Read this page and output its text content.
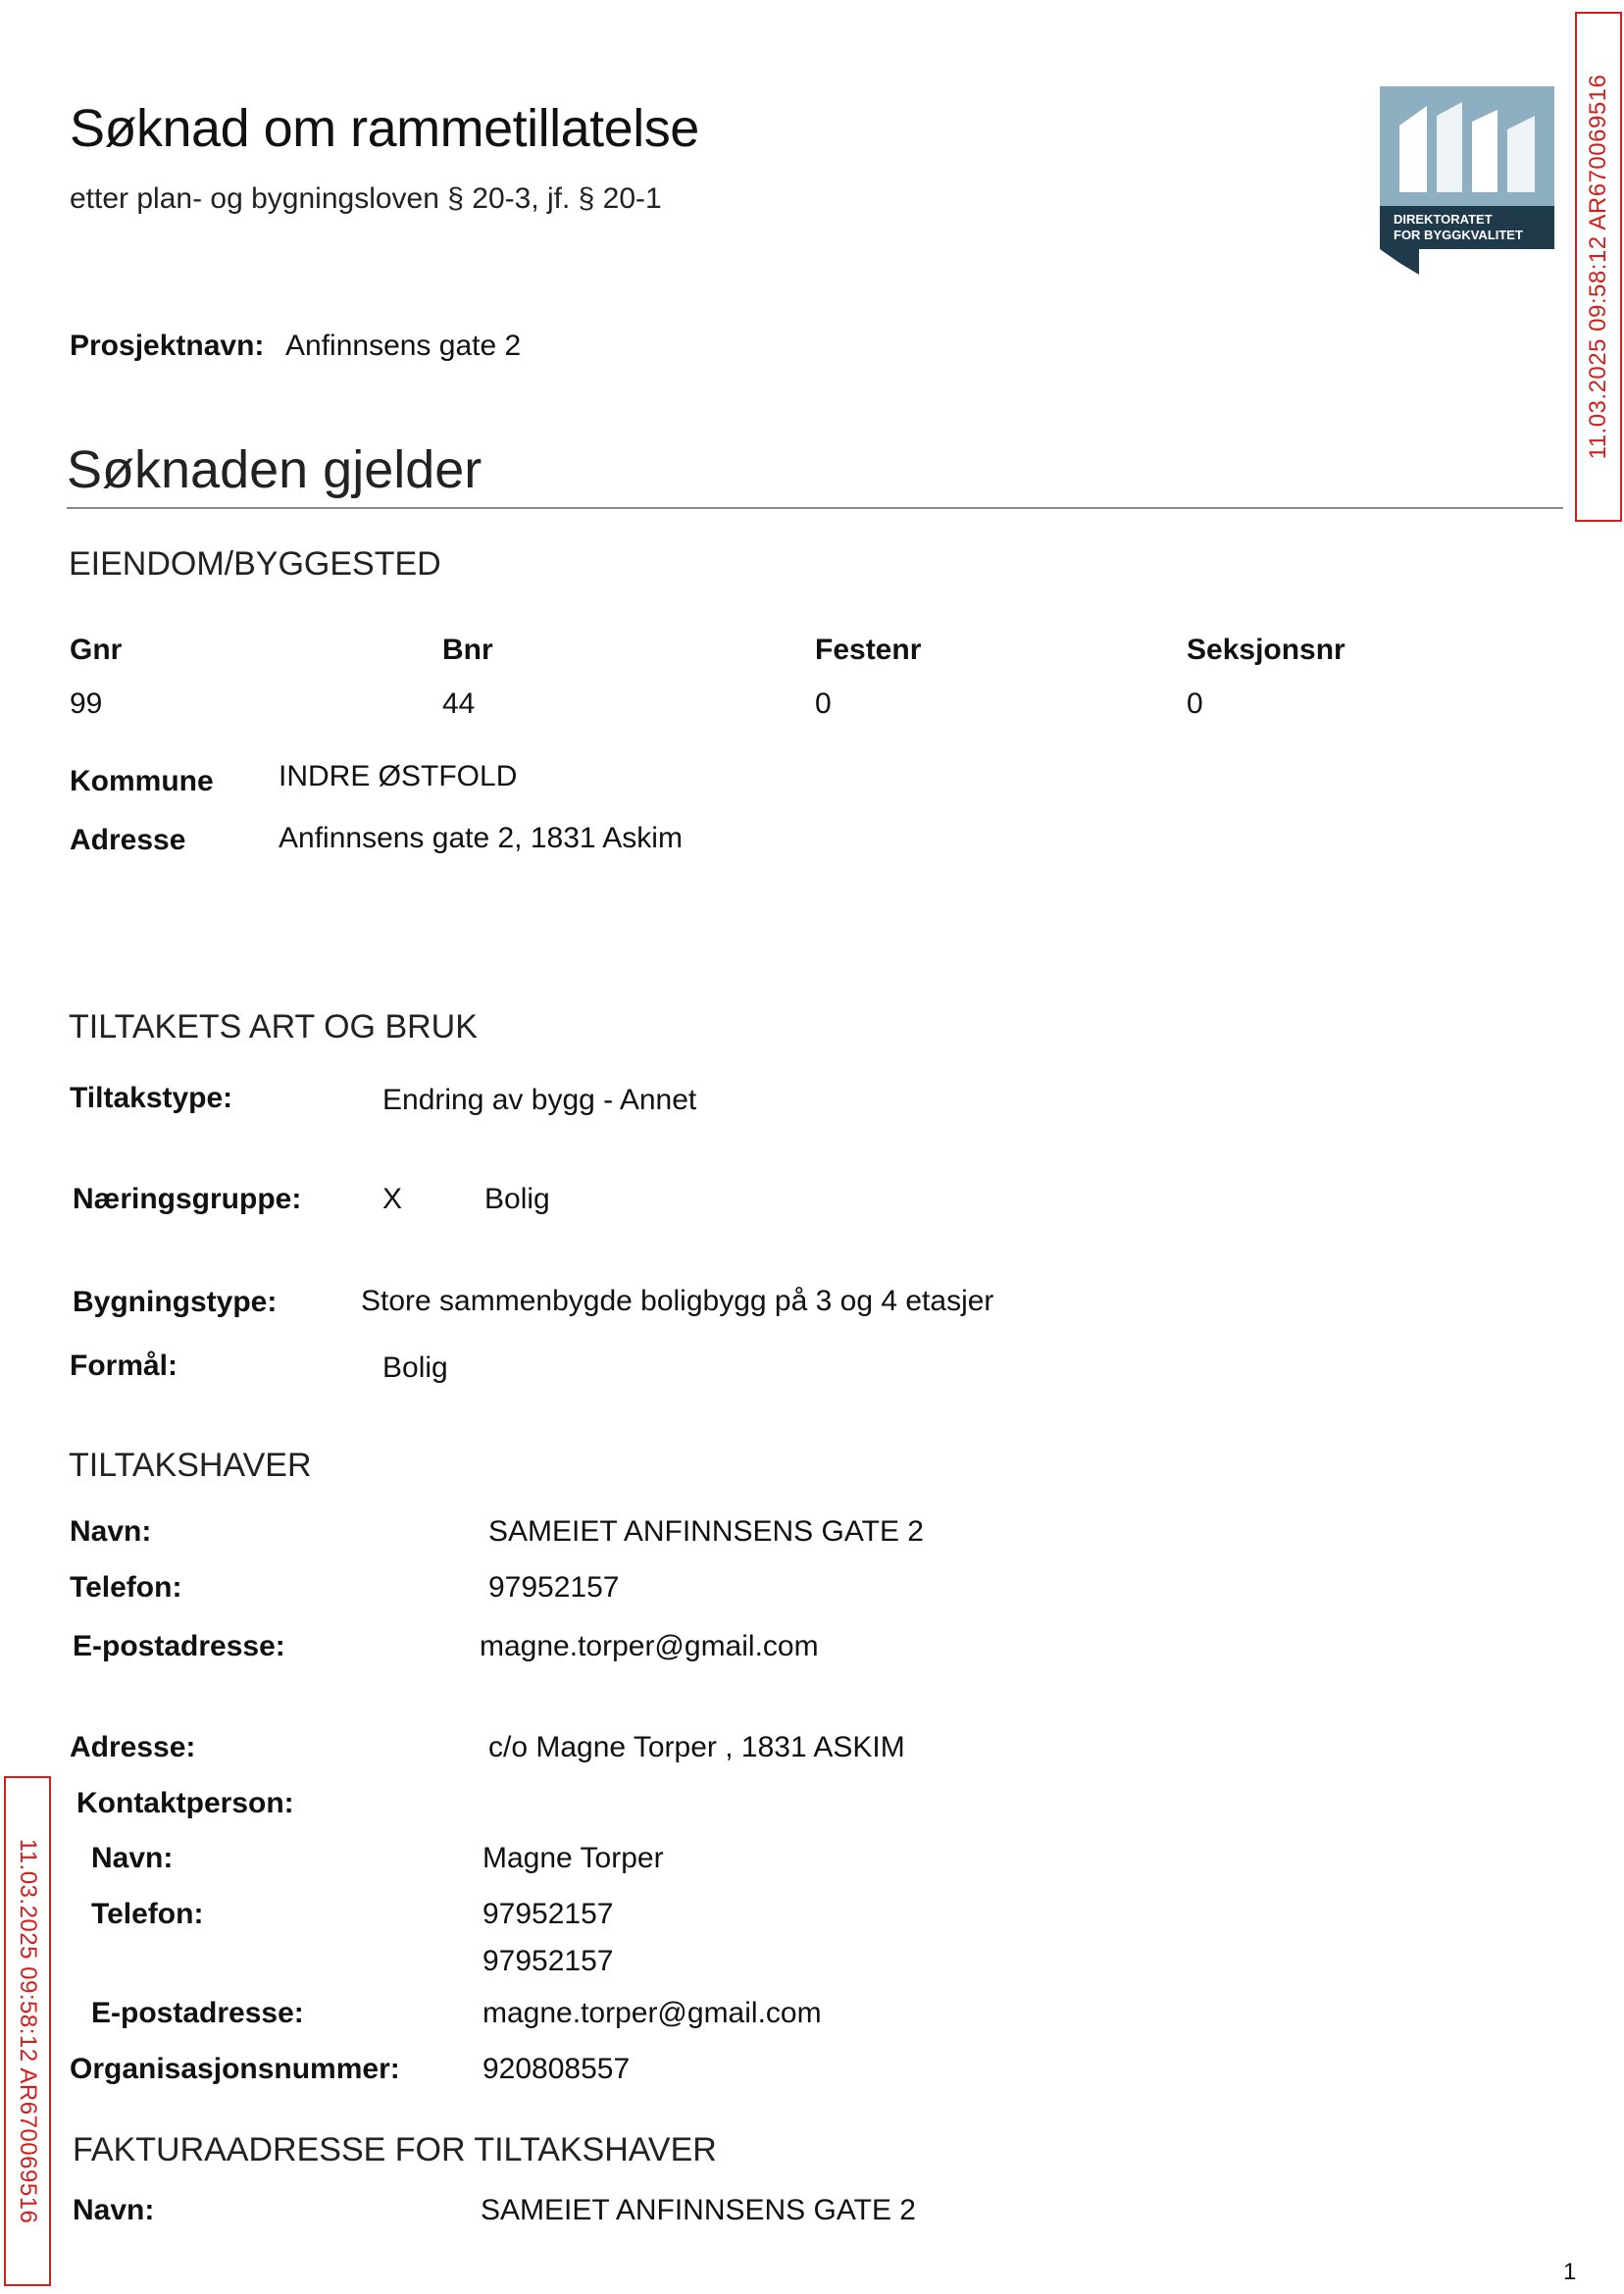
Søknad om rammetillatelse
etter plan- og bygningsloven § 20-3, jf. § 20-1
DIREKTORATET
FOR BYGGKVALITET	11.03.2025 09:58:12 AR670069516
11.03.2025 09:58:12 AR670069516
Prosjektnavn: Anfinnsens gate 2
Søknaden gjelder
EIENDOM/BYGGESTED
Gnr	Bnr	Festenr	Seksjonsnr
99	44	0	0
Kommune INDRE ØSTFOLD
Adresse	Anfinnsens gate 2, 1831 Askim
TILTAKETS ART OG BRUK
Tiltakstype:	Endring av bygg - Annet
Næringsgruppe:	X	Bolig
Bygningstype:	Store sammenbygde boligbygg på 3 og 4 etasjer
Formål:	Bolig
TILTAKSHAVER
Navn:	SAMEIET ANFINNSENS GATE 2
Telefon:	97952157
E-postadresse:	magne.torper@gmail.com
Adresse:	c/o Magne Torper , 1831 ASKIM
Kontaktperson:
Navn:	Magne Torper
Telefon:	97952157
97952157
E-postadresse:	magne.torper@gmail.com
Organisasjonsnummer:	920808557
FAKTURAADRESSE FOR TILTAKSHAVER
Navn:	SAMEIET ANFINNSENS GATE 2
1
